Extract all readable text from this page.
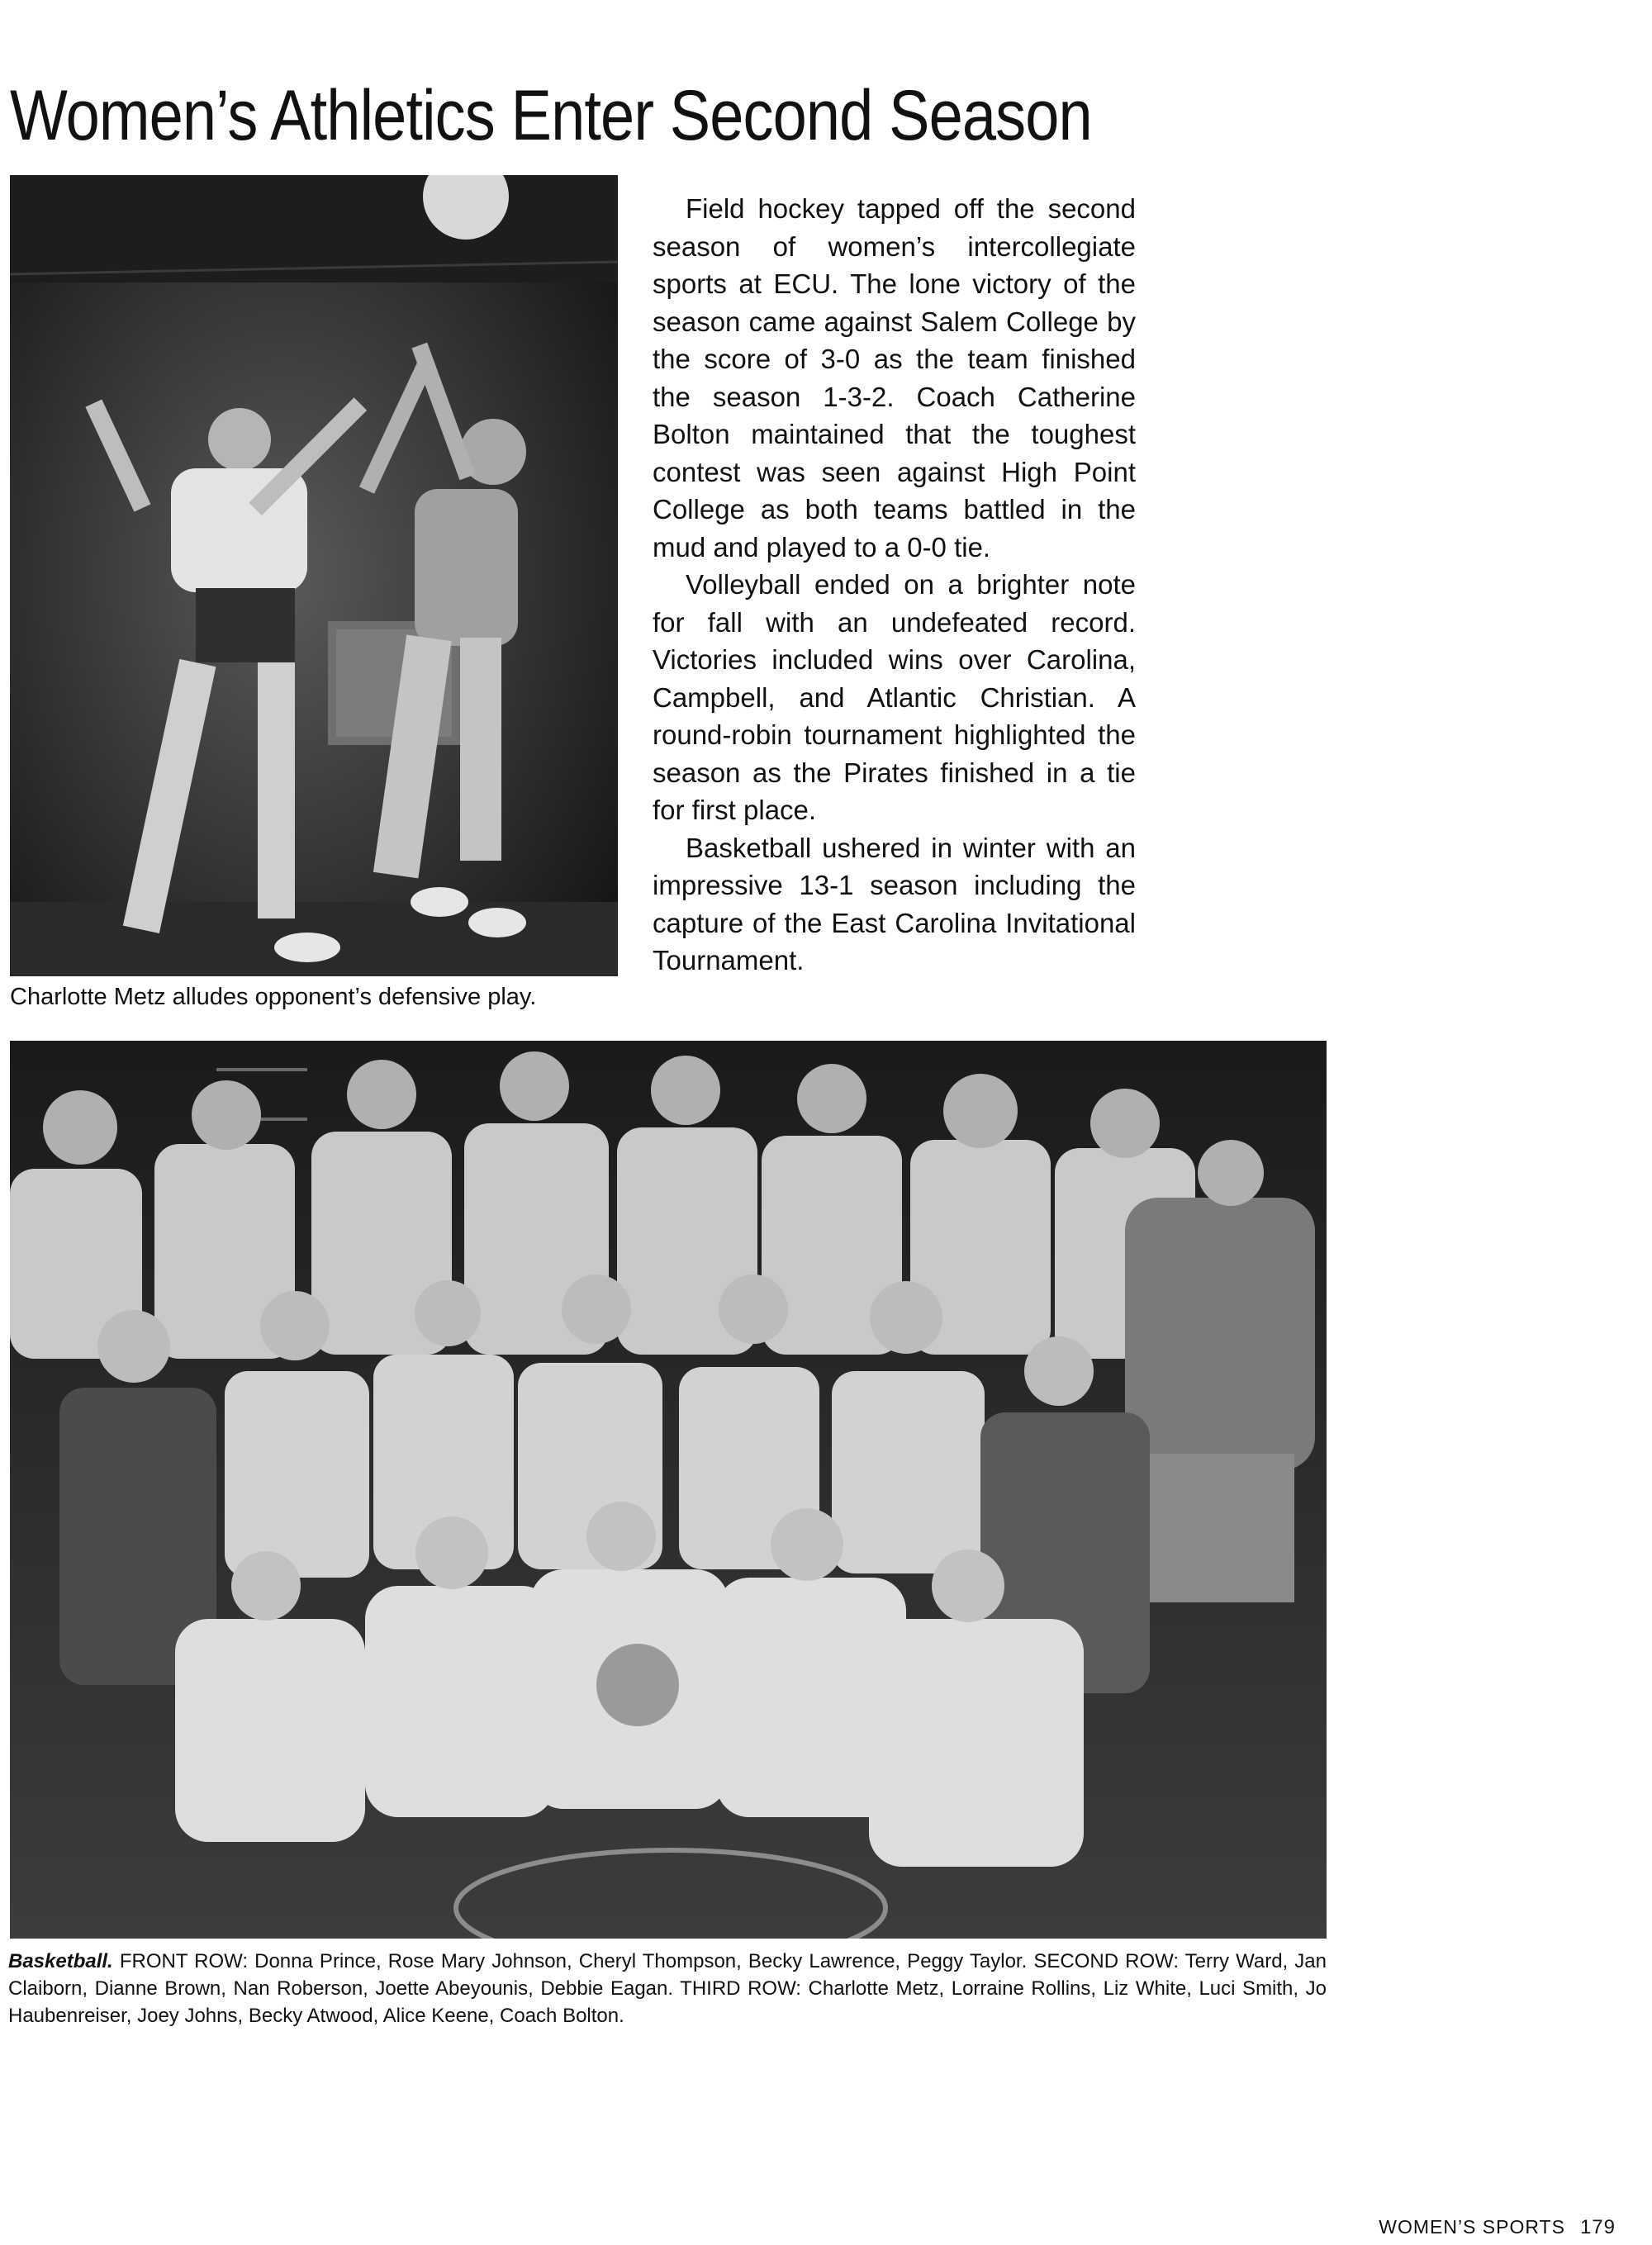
Women’s Athletics Enter Second Season

Charlotte Metz alludes opponent’s defensive play.

Field hockey tapped off the second season of women’s intercollegiate sports at ECU. The lone victory of the season came against Salem College by the score of 3-0 as the team finished the season 1-3-2. Coach Catherine Bolton maintained that the toughest contest was seen against High Point College as both teams battled in the mud and played to a 0-0 tie.

Volleyball ended on a brighter note for fall with an undefeated record. Victories included wins over Carolina, Campbell, and Atlantic Christian. A round-robin tournament highlighted the season as the Pirates finished in a tie for first place.

Basketball ushered in winter with an impressive 13-1 season including the capture of the East Carolina Invitational Tournament.

Basketball. FRONT ROW: Donna Prince, Rose Mary Johnson, Cheryl Thompson, Becky Lawrence, Peggy Taylor. SECOND ROW: Terry Ward, Jan Claiborn, Dianne Brown, Nan Roberson, Joette Abeyounis, Debbie Eagan. THIRD ROW: Charlotte Metz, Lorraine Rollins, Liz White, Luci Smith, Jo Haubenreiser, Joey Johns, Becky Atwood, Alice Keene, Coach Bolton.

WOMEN’S SPORTS 179
